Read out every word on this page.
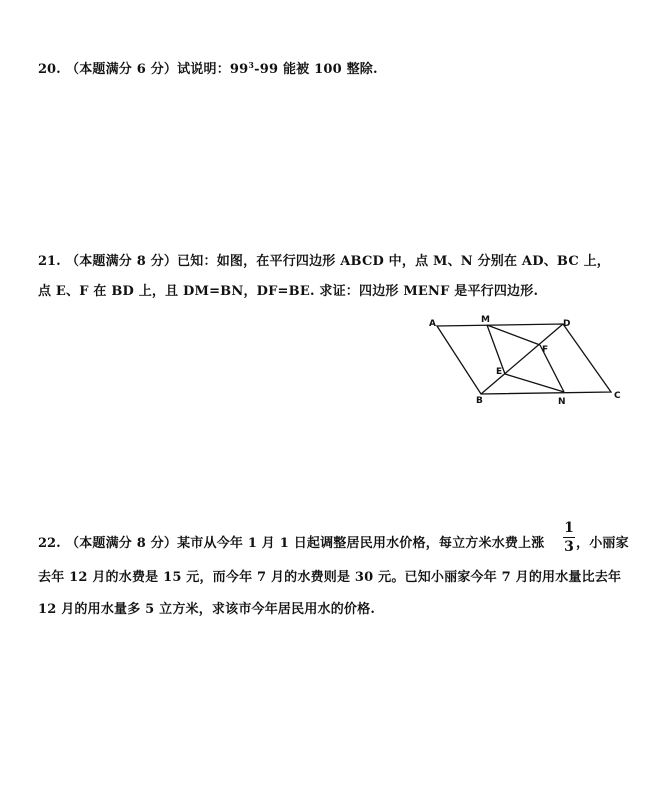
20. （本题满分 6 分）试说明：$99^3-99$ 能被 100 整除.
21. （本题满分 8 分）已知：如图，在平行四边形 ABCD 中，点 M、N 分别在 AD、BC 上，
点 E、F 在 BD 上，且 DM=BN，DF=BE. 求证：四边形 MENF 是平行四边形.
A	M	D
F
E
B	N
C
22. （本题满分 8 分）某市从今年 1 月 1 日起调整居民用水价格，每立方米水费上涨
1
3 ，小丽家
去年 12 月的水费是 15 元，而今年 7 月的水费则是 30 元。已知小丽家今年 7 月的用水量比去年
12 月的用水量多 5 立方米，求该市今年居民用水的价格.
